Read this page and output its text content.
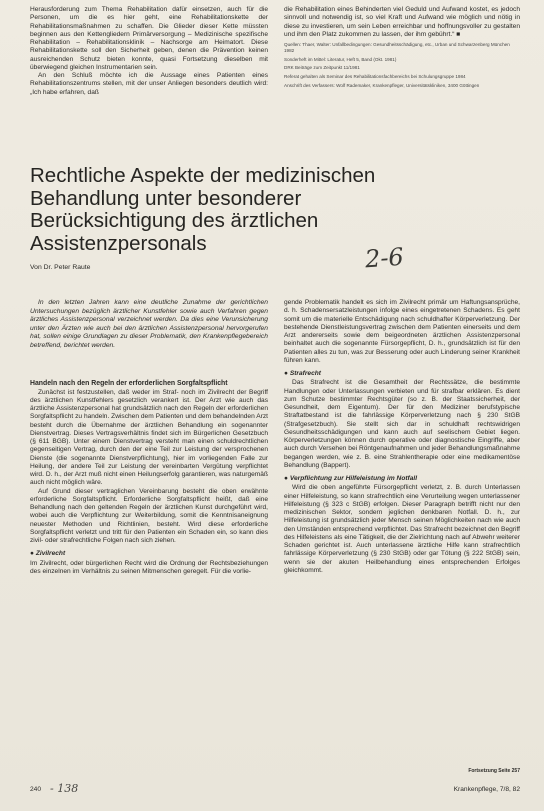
Herausforderung zum Thema Rehabilitation dafür einsetzen, auch für die Personen, um die es hier geht, eine Rehabilitationskette der Rehabilitationsmaßnahmen zu schaffen. Die Glieder dieser Kette müssten beginnen aus den Kettengliedern Primärversorgung – Medizinische spezifische Rehabilitation – Rehabilitationsklinik – Nachsorge am Heimatort. Diese Rehabilitationskette soll den Sicherheit geben, denen die Prävention keinen ausreichenden Schutz bieten konnte, quasi Fortsetzung dieselben mit überwiegend gleichen Instrumentarien sein.

An den Schluß möchte ich die Aussage eines Patienten eines Rehabilitationszentrums stellen, mit der unser Anliegen besonders deutlich wird: „Ich habe erfahren, daß

die Rehabilitation eines Behinderten viel Geduld und Aufwand kostet, es jedoch sinnvoll und notwendig ist, so viel Kraft und Aufwand wie möglich und nötig in diese zu investieren, um sein Leben erreichbar und hoffnungsvoller zu gestalten und ihm den Platz zukommen zu lassen, der ihm gebührt.“ ■

Quellen: Thaer, Walter: Unfallbedingungen: Gesundheitsschädigung, etc., Urban und Schwarzenberg München 1982
Sonderheft im Mittel: Literatur, Heft 5, Band (Okt. 1981)
DRK Beiträge zum Zeitpunkt 11/1981
Referat gehalten als Seminar des Rehabilitationsfachbereichs bei Schulungsgruppe 1984
Anschrift des Verfassers: Wolf Rademaker, Krankenpfleger, Universitätskliniken, 3400 Göttingen
Rechtliche Aspekte der medizinischen Behandlung unter besonderer Berücksichtigung des ärztlichen Assistenzpersonals	2-6
Von Dr. Peter Raute

In den letzten Jahren kann eine deutliche Zunahme der gerichtlichen Untersuchungen bezüglich ärztlicher Kunstfehler sowie auch Verfahren gegen ärztliches Assistenzpersonal verzeichnet werden. Da dies eine Verunsicherung unter den Ärzten wie auch bei den ärztlichen Assistenzpersonal hervorgerufen hat, sollen einige Grundlagen zu dieser Problematik, den Krankenpflegebereich betreffend, berichtet werden.

Handeln nach den Regeln der erforderlichen Sorgfaltspflicht

Zunächst ist festzustellen, daß weder im Straf- noch im Zivilrecht der Begriff des ärztlichen Kunstfehlers gesetzlich verankert ist. Der Arzt wie auch das ärztliche Assistenzpersonal hat grundsätzlich nach den Regeln der erforderlichen Sorgfaltspflicht zu handeln. Zwischen dem Patienten und dem behandelnden Arzt besteht durch die Übernahme der ärztlichen Behandlung ein sogenannter Dienstvertrag. Dieses Vertragsverhältnis findet sich im Bürgerlichen Gesetzbuch (§ 611 BGB). Unter einem Dienstvertrag versteht man einen schuldrechtlichen gegenseitigen Vertrag, durch den der eine Teil zur Leistung der versprochenen Dienste (die sogenannte Dienstverpflichtung), hier im vorliegenden Falle zur Heilung, der andere Teil zur Leistung der vereinbarten Vergütung verpflichtet wird. D. h., der Arzt muß nicht einen Heilungserfolg garantieren, was naturgemäß auch nicht möglich wäre.

Auf Grund dieser vertraglichen Vereinbarung besteht die oben erwähnte erforderliche Sorgfaltspflicht. Erforderliche Sorgfaltspflicht heißt, daß eine Behandlung nach den geltenden Regeln der ärztlichen Kunst durchgeführt wird, wobei auch die Verpflichtung zur Weiterbildung, somit die Kenntnisaneignung neuester Methoden und Richtlinien, besteht. Wird diese erforderliche Sorgfaltspflicht verletzt und tritt für den Patienten ein Schaden ein, so kann dies zivil- oder strafrechtliche Folgen nach sich ziehen.

● Zivilrecht

Im Zivilrecht, oder bürgerlichen Recht wird die Ordnung der Rechtsbeziehungen des einzelnen im Verhältnis zu seinen Mitmenschen geregelt. Für die vorlie-

gende Problematik handelt es sich im Zivilrecht primär um Haftungsansprüche, d. h. Schadensersatzleistungen infolge eines eingetretenen Schadens. Es geht somit um die materielle Entschädigung nach schuldhafter Körperverletzung. Der bestehende Dienstleistungsvertrag zwischen dem Patienten einerseits und dem Arzt andererseits sowie dem beigeordneten ärztlichen Assistenzpersonal beinhaltet auch die sogenannte Fürsorgepflicht, D. h., grundsätzlich ist für den Patienten alles zu tun, was zur Besserung oder auch Linderung seiner Krankheit führen kann.

● Strafrecht

Das Strafrecht ist die Gesamtheit der Rechtssätze, die bestimmte Handlungen oder Unterlassungen verbieten und für strafbar erklären. Es dient zum Schutze bestimmter Rechtsgüter (so z. B. der Staatssicherheit, der Gesundheit, dem Eigentum). Der für den Mediziner berufstypische Straftatbestand ist die fahrlässige Körperverletzung nach § 230 StGB (Strafgesetzbuch). Sie stellt sich dar in schuldhaft rechtswidrigen Gesundheitsschädigungen und kann auch auf seelischem Gebiet liegen. Körperverletzungen können durch operative oder diagnostische Eingriffe, aber auch durch Versehen bei Röntgenaufnahmen und jeder Behandlungsmaßnahme begangen werden, wie z. B. eine Strahlentherapie oder eine medikamentöse Behandlung (Bappert).

● Verpflichtung zur Hilfeleistung im Notfall

Wird die oben angeführte Fürsorgepflicht verletzt, z. B. durch Unterlassen einer Hilfeleistung, so kann strafrechtlich eine Verurteilung wegen unterlassener Hilfeleistung (§ 323 c StGB) erfolgen. Dieser Paragraph betrifft nicht nur den medizinischen Sektor, sondern jeglichen denkbaren Notfall. D. h., zur Hilfeleistung ist grundsätzlich jeder Mensch seinen Möglichkeiten nach wie auch den Umständen entsprechend verpflichtet. Das Strafrecht bezeichnet den Begriff des Hilfeleistens als eine Tätigkeit, die der Zielrichtung nach auf Abwehr weiterer Schaden gerichtet ist. Auch unterlassene ärztliche Hilfe kann strafrechtlich fahrlässige Körperverletzung (§ 230 StGB) oder gar Tötung (§ 222 StGB) sein, wenn sie der akuten Heilbehandlung eines entsprechenden Erfolges gleichkommt.

Fortsetzung Seite 257
240 - 138	Krankenpflege, 7/8, 82
